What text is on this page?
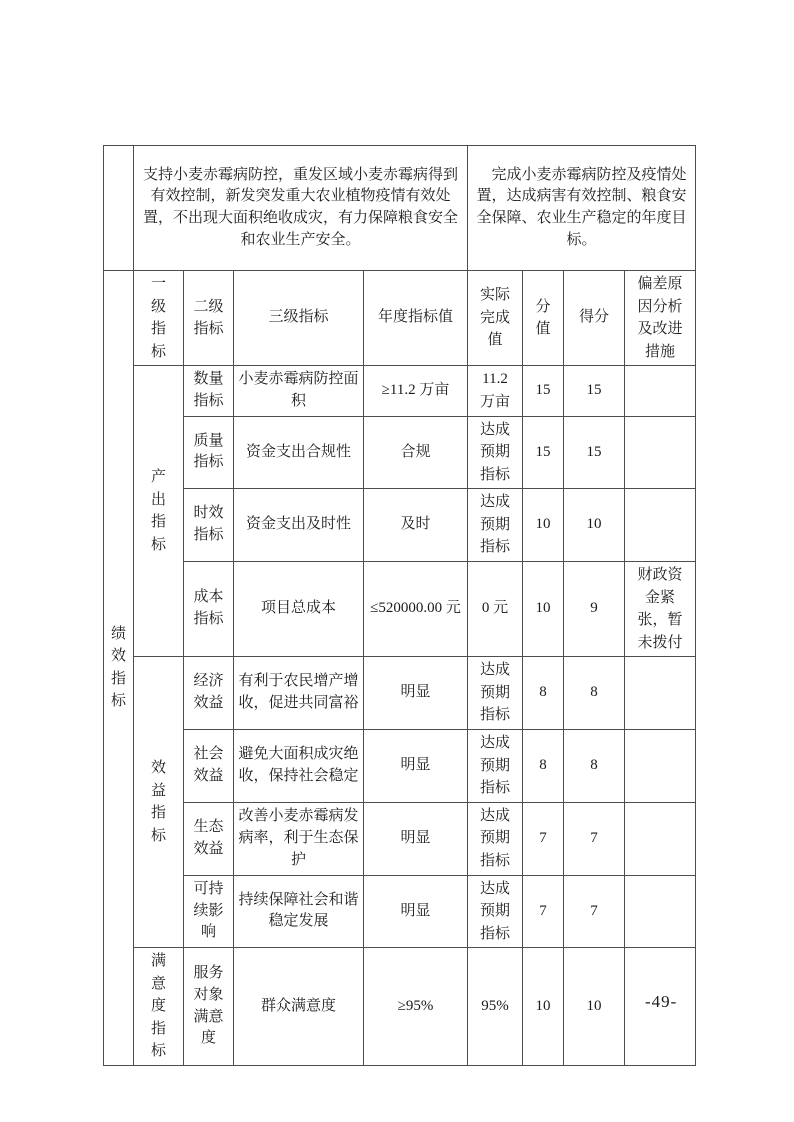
	支持小麦赤霉病防控，重发区域小麦赤霉病得到有效控制，新发突发重大农业植物疫情有效处置，不出现大面积绝收成灾，有力保障粮食安全和农业生产安全。				完成小麦赤霉病防控及疫情处置，达成病害有效控制、粮食安全保障、农业生产稳定的年度目标。			
绩效指标	一级指标	二级指标	三级指标	年度指标值	实际完成值	分值	得分	偏差原因分析及改进措施
	产出指标	数量指标	小麦赤霉病防控面积	≥11.2 万亩	11.2 万亩	15	15	
		质量指标	资金支出合规性	合规	达成预期指标	15	15	
		时效指标	资金支出及时性	及时	达成预期指标	10	10	
		成本指标	项目总成本	≤520000.00 元	0 元	10	9	财政资金紧张，暂未拨付
	效益指标	经济效益	有利于农民增产增收，促进共同富裕	明显	达成预期指标	8	8	
		社会效益	避免大面积成灾绝收，保持社会稳定	明显	达成预期指标	8	8	
		生态效益	改善小麦赤霉病发病率，利于生态保护	明显	达成预期指标	7	7	
		可持续影响	持续保障社会和谐稳定发展	明显	达成预期指标	7	7	
	满意度指标	服务对象满意度	群众满意度	≥95%	95%	10	10		-49-
